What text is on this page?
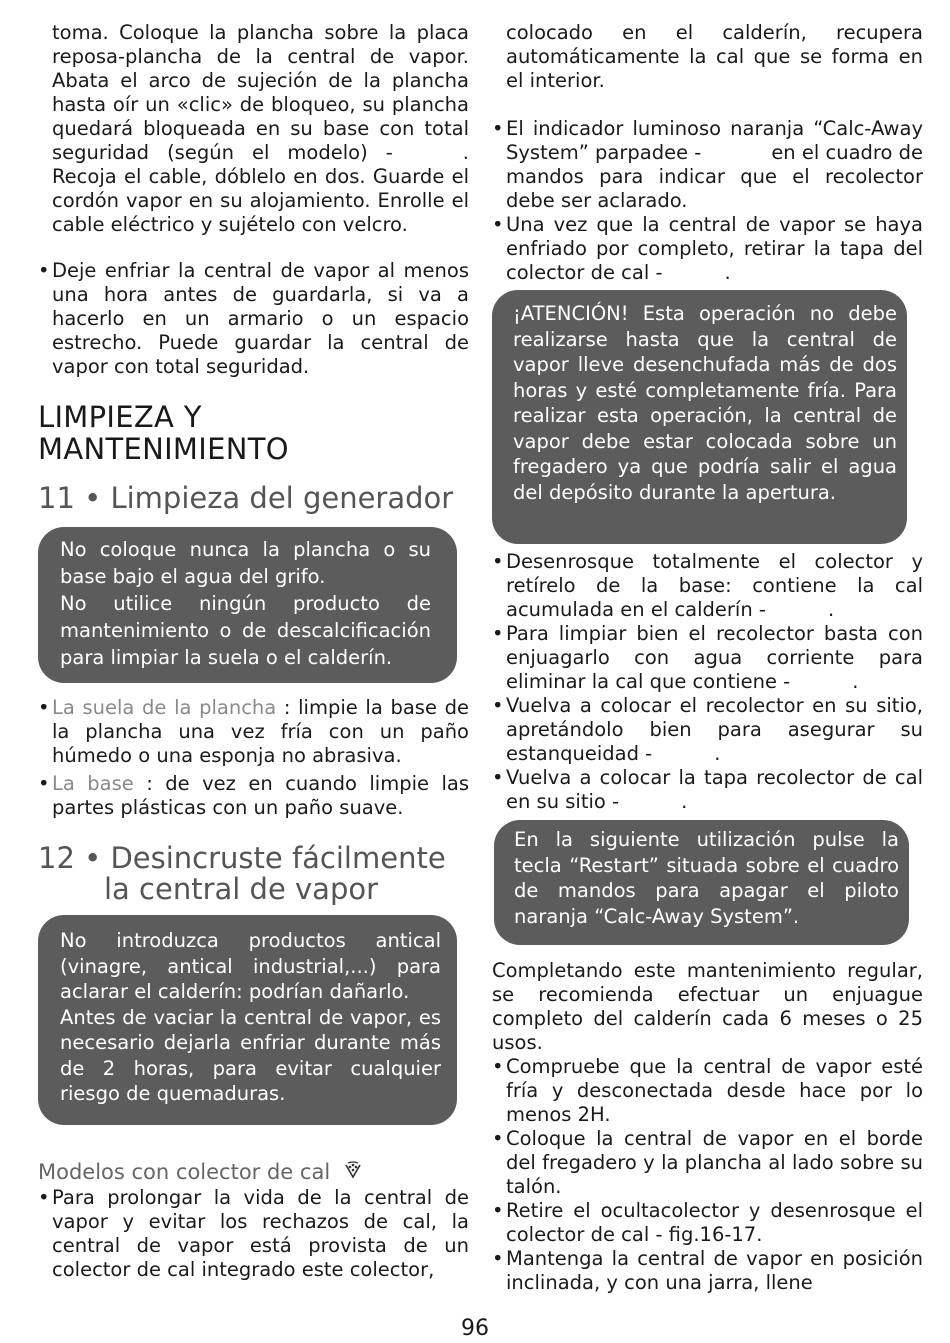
toma. Coloque la plancha sobre la placa reposa-plancha de la central de vapor. Abata el arco de sujeción de la plancha hasta oír un «clic» de bloqueo, su plancha quedará bloqueada en su base con total seguridad (según el modelo) -	. Recoja el cable, dóblelo en dos. Guarde el cordón vapor en su alojamiento. Enrolle el cable eléctrico y sujételo con velcro.

• Deje enfriar la central de vapor al menos una hora antes de guardarla, si va a hacerlo en un armario o un espacio estrecho. Puede guardar la central de vapor con total seguridad.
LIMPIEZA Y
MANTENIMIENTO
11 • Limpieza del generador

No coloque nunca la plancha o su base bajo el agua del grifo.

No utilice ningún producto de mantenimiento o de descalcificación para limpiar la suela o el calderín.

• La suela de la plancha : limpie la base de la plancha una vez fría con un paño húmedo o una esponja no abrasiva.
• La base : de vez en cuando limpie las partes plásticas con un paño suave.
12 • Desincruste fácilmente
la central de vapor

No introduzca productos antical (vinagre, antical industrial,...) para aclarar el calderín: podrían dañarlo.

Antes de vaciar la central de vapor, es necesario dejarla enfriar durante más de 2 horas, para evitar cualquier riesgo de quemaduras.

Modelos con colector de cal
• Para prolongar la vida de la central de vapor y evitar los rechazos de cal, la central de vapor está provista de un colector de cal integrado este colector,

colocado en el calderín, recupera automáticamente la cal que se forma en el interior.

• El indicador luminoso naranja “Calc-Away System” parpadee -	en el cuadro de mandos para indicar que el recolector debe ser aclarado.
• Una vez que la central de vapor se haya enfriado por completo, retirar la tapa del colector de cal -	.

¡ATENCIÓN! Esta operación no debe realizarse hasta que la central de vapor lleve desenchufada más de dos horas y esté completamente fría. Para realizar esta operación, la central de vapor debe estar colocada sobre un fregadero ya que podría salir el agua del depósito durante la apertura.

• Desenrosque totalmente el colector y retírelo de la base: contiene la cal acumulada en el calderín -	.
• Para limpiar bien el recolector basta con enjuagarlo con agua corriente para eliminar la cal que contiene -	.
• Vuelva a colocar el recolector en su sitio, apretándolo bien para asegurar su estanqueidad -	.
• Vuelva a colocar la tapa recolector de cal en su sitio -	.

En la siguiente utilización pulse la tecla “Restart” situada sobre el cuadro de mandos para apagar el piloto naranja “Calc-Away System”.

Completando este mantenimiento regular, se recomienda efectuar un enjuague completo del calderín cada 6 meses o 25 usos.

• Compruebe que la central de vapor esté fría y desconectada desde hace por lo menos 2H.
• Coloque la central de vapor en el borde del fregadero y la plancha al lado sobre su talón.
• Retire el ocultacolector y desenrosque el colector de cal - fig.16-17.
• Mantenga la central de vapor en posición inclinada, y con una jarra, llene
96
